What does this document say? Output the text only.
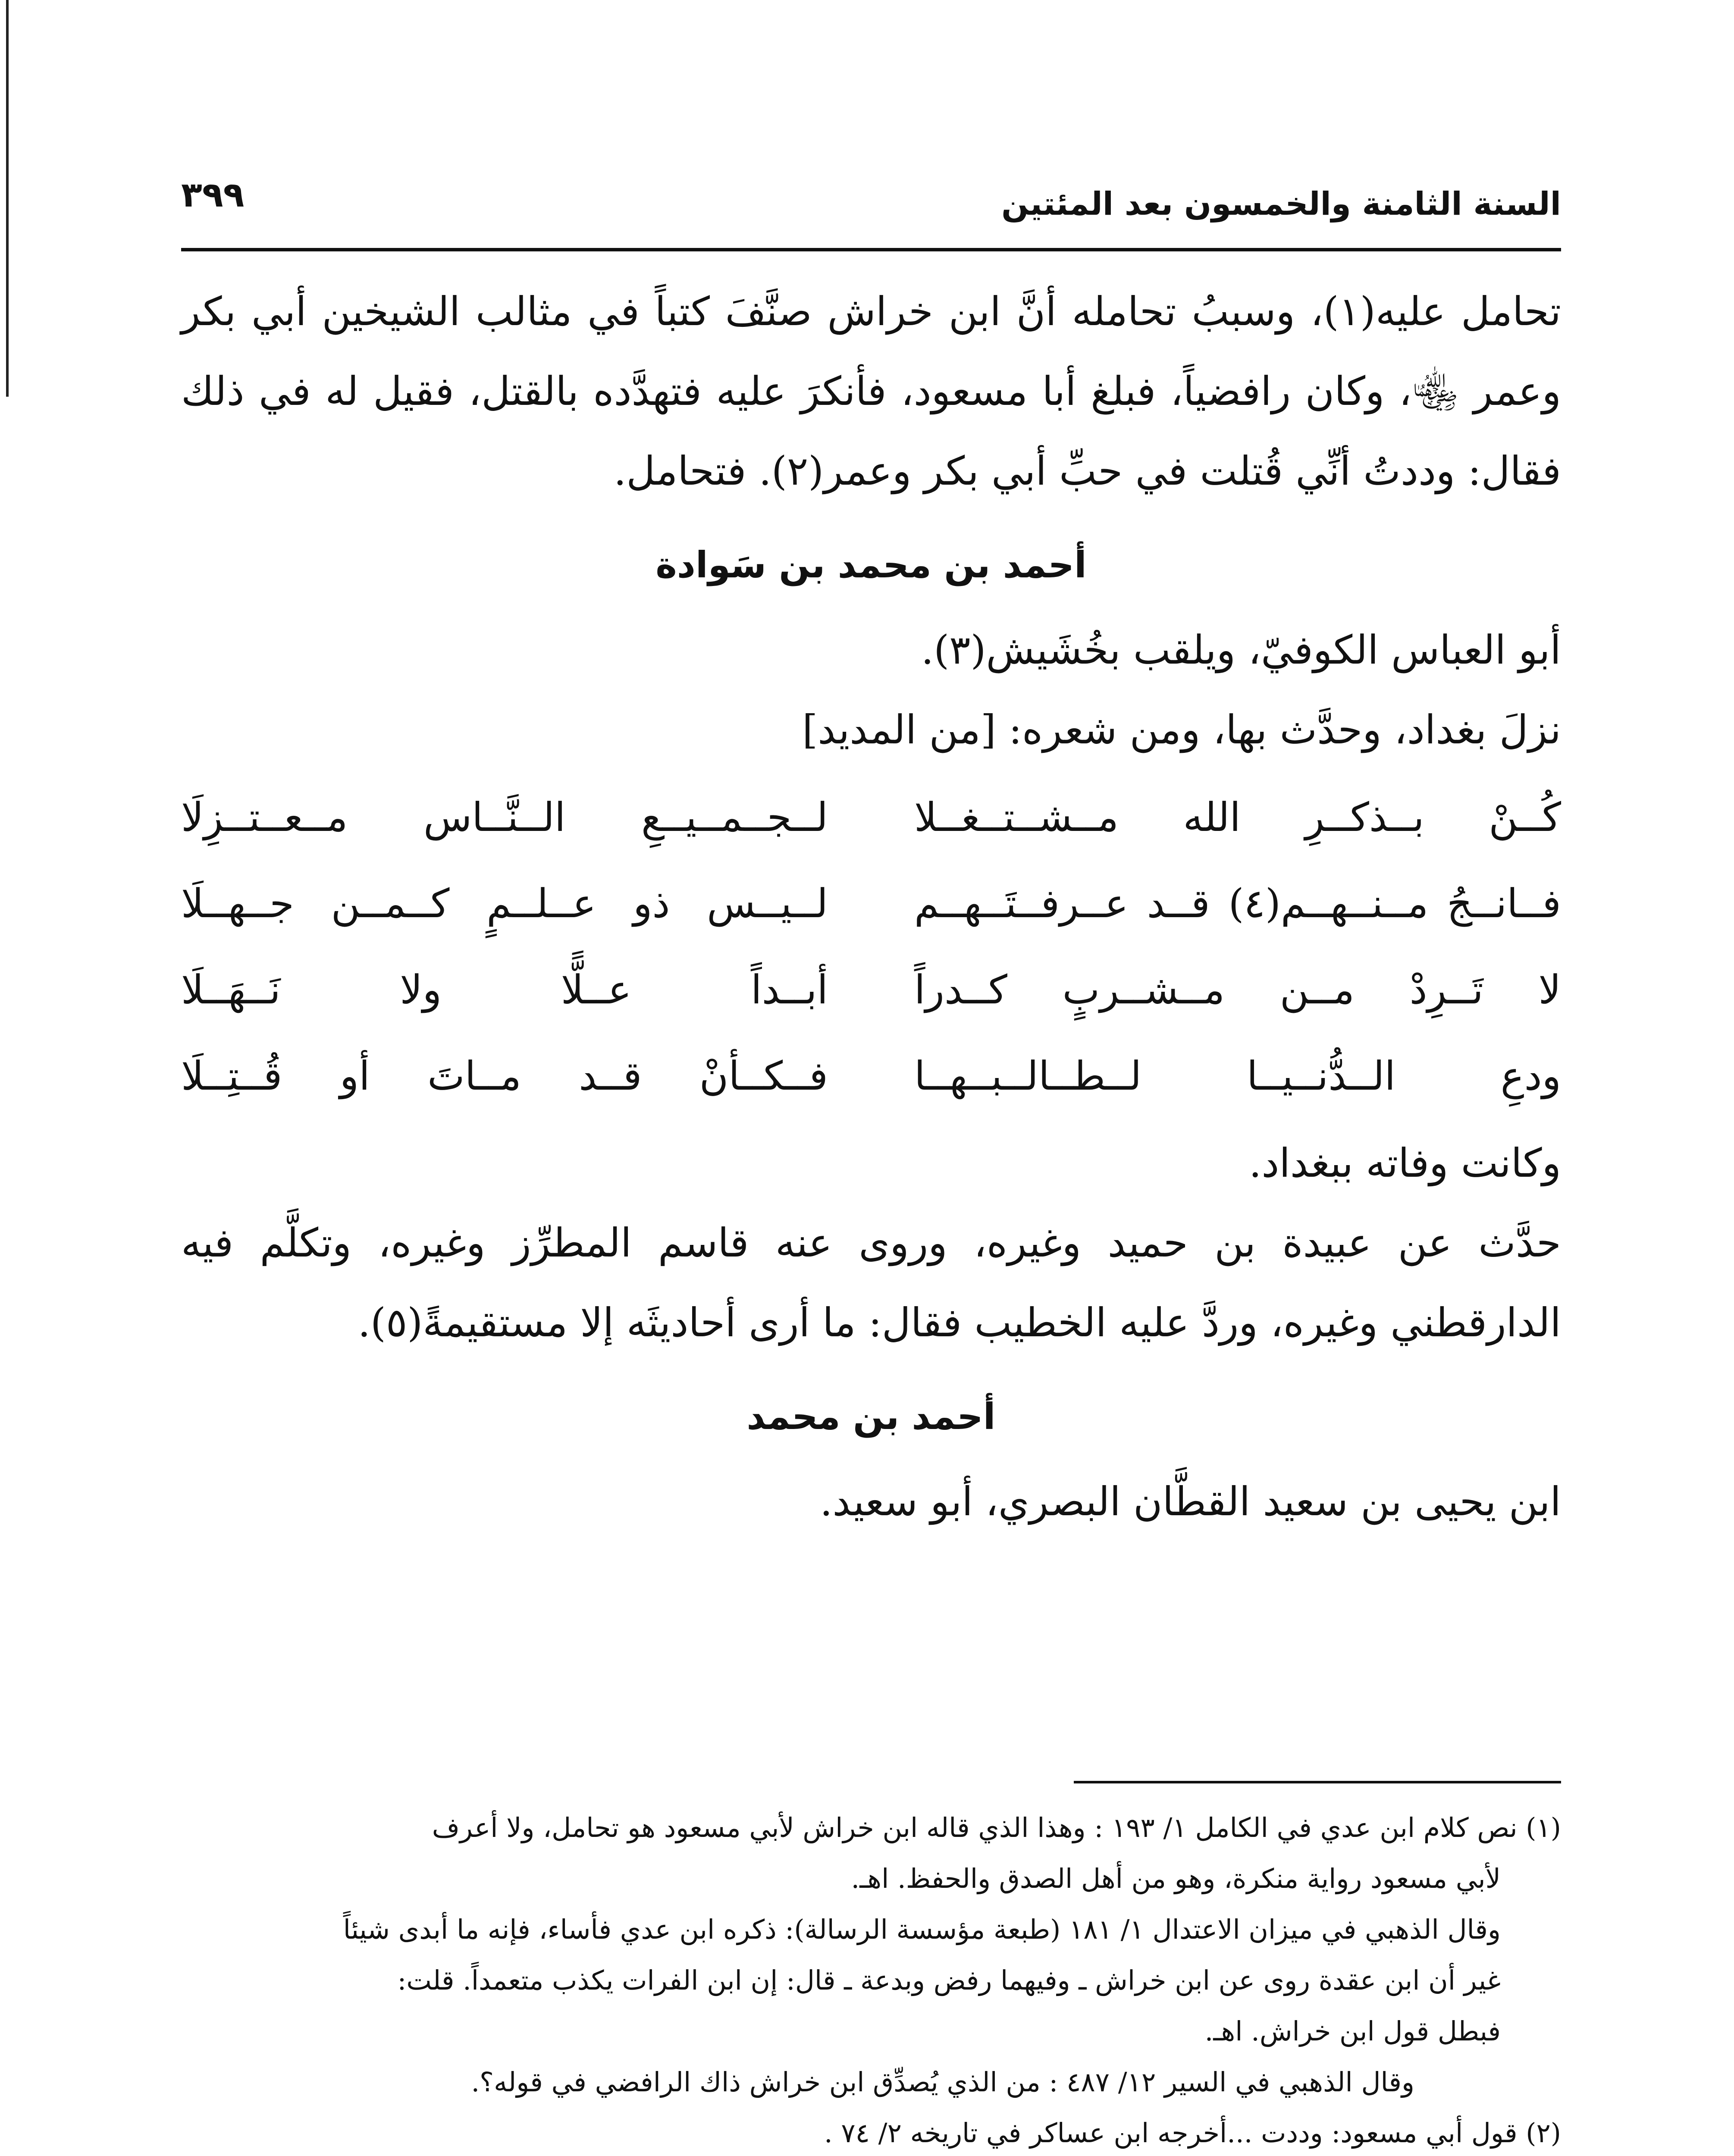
السنة الثامنة والخمسون بعد المئتين
٣٩٩

تحامل عليه(١)، وسببُ تحامله أنَّ ابن خراش صنَّفَ كتباً في مثالب الشيخين أبي بكر وعمر ﵄، وكان رافضياً، فبلغ أبا مسعود، فأنكرَ عليه فتهدَّده بالقتل، فقيل له في ذلك فقال: وددتُ أنِّي قُتلت في حبِّ أبي بكر وعمر(٢). فتحامل.

أحمد بن محمد بن سَوادة

أبو العباس الكوفيّ، ويلقب بخُشَيش(٣).

نزلَ بغداد، وحدَّث بها، ومن شعره: [من المديد]

كُــنْ بــذكــرِ الله مــشــتــغــلا
لــجــمــيــعِ الــنَّــاس مــعــتــزِلَا
فــانــجُ مــنــهــم(٤) قــد عــرفــتَــهــم
لــيــس ذو عــلــمٍ كــمــن جــهــلَا
لا تَــرِدْ مــن مــشــربٍ كــدراً
أبــداً عــلًّا ولا نَــهَــلَا
ودعِ الــدُّنــيــا لــطــالــبــهــا
فــكــأنْ قــد مــاتَ أو قُــتِــلَا

وكانت وفاته ببغداد.

حدَّث عن عبيدة بن حميد وغيره، وروى عنه قاسم المطرِّز وغيره، وتكلَّم فيه الدارقطني وغيره، وردَّ عليه الخطيب فقال: ما أرى أحاديثَه إلا مستقيمةً(٥).

أحمد بن محمد

ابن يحيى بن سعيد القطَّان البصري، أبو سعيد.

(١) نص كلام ابن عدي في الكامل ١/ ١٩٣ : وهذا الذي قاله ابن خراش لأبي مسعود هو تحامل، ولا أعرف

لأبي مسعود رواية منكرة، وهو من أهل الصدق والحفظ. اهـ.

وقال الذهبي في ميزان الاعتدال ١/ ١٨١ (طبعة مؤسسة الرسالة): ذكره ابن عدي فأساء، فإنه ما أبدى شيئاً

غير أن ابن عقدة روى عن ابن خراش ـ وفيهما رفض وبدعة ـ قال: إن ابن الفرات يكذب متعمداً. قلت:

فبطل قول ابن خراش. اهـ.

وقال الذهبي في السير ١٢/ ٤٨٧ : من الذي يُصدِّق ابن خراش ذاك الرافضي في قوله؟.

(٢) قول أبي مسعود: وددت ...أخرجه ابن عساكر في تاريخه ٢/ ٧٤ .
